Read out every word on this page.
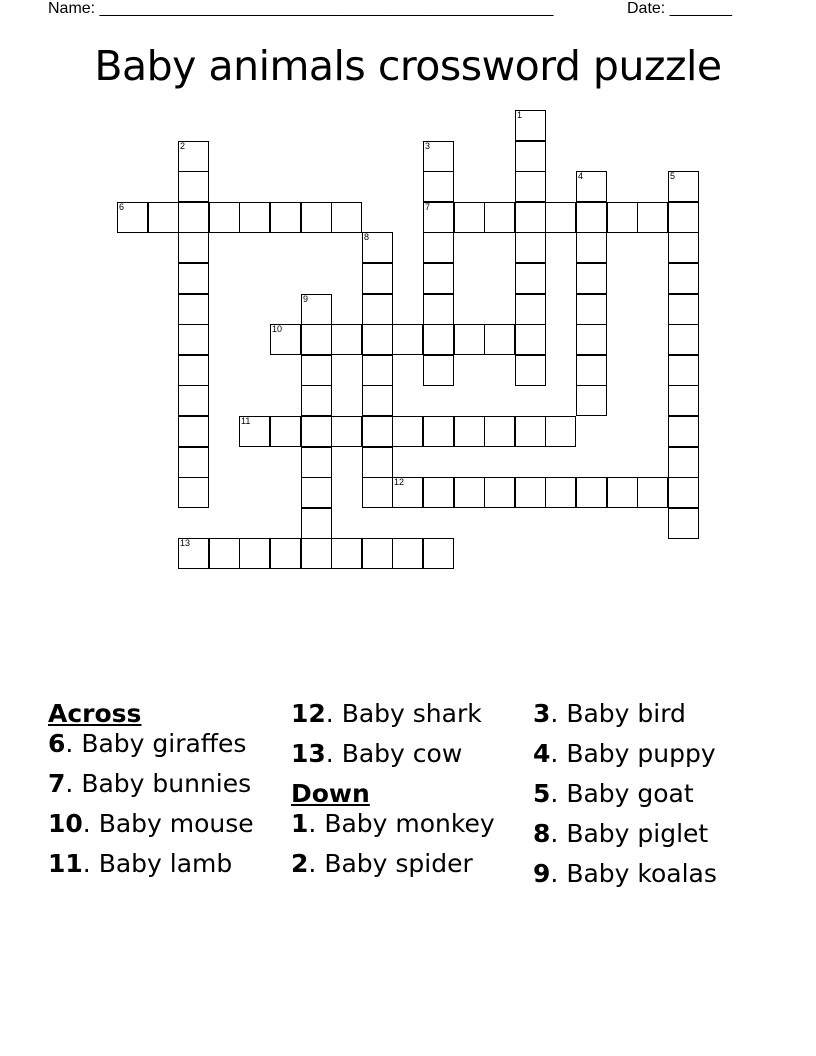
Name: ___________________________________________________	Date: _______
Baby animals crossword puzzle
6	7
10
11
12
13
1
2	3
4	5
8
9
Across
6. Baby giraffes
7. Baby bunnies
10. Baby mouse
11. Baby lamb
12. Baby shark
13. Baby cow
Down
1. Baby monkey
2. Baby spider
3. Baby bird
4. Baby puppy
5. Baby goat
8. Baby piglet
9. Baby koalas
